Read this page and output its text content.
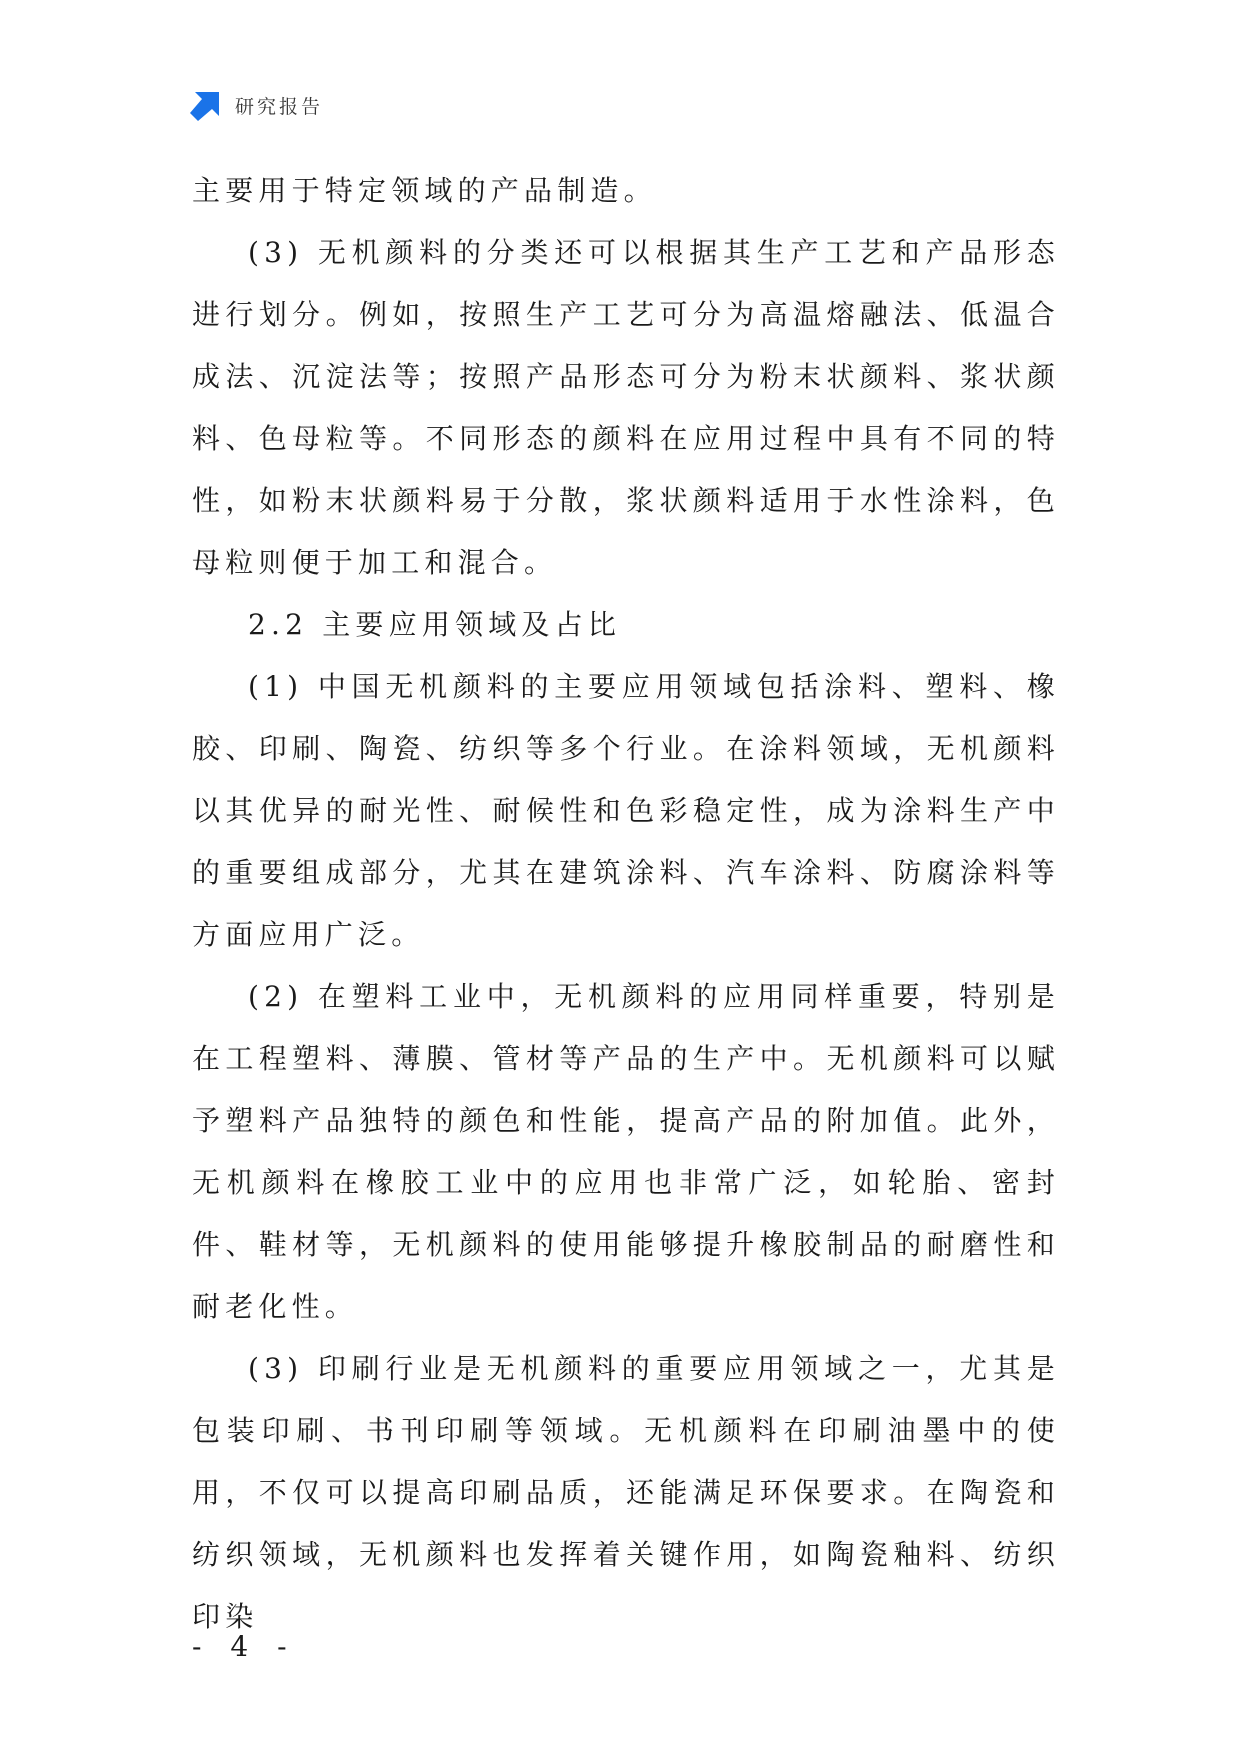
研究报告

主要用于特定领域的产品制造。

(3) 无机颜料的分类还可以根据其生产工艺和产品形态进行划分。例如，按照生产工艺可分为高温熔融法、低温合成法、沉淀法等；按照产品形态可分为粉末状颜料、浆状颜料、色母粒等。不同形态的颜料在应用过程中具有不同的特性，如粉末状颜料易于分散，浆状颜料适用于水性涂料，色母粒则便于加工和混合。

2.2 主要应用领域及占比

(1) 中国无机颜料的主要应用领域包括涂料、塑料、橡胶、印刷、陶瓷、纺织等多个行业。在涂料领域，无机颜料以其优异的耐光性、耐候性和色彩稳定性，成为涂料生产中的重要组成部分，尤其在建筑涂料、汽车涂料、防腐涂料等方面应用广泛。

(2) 在塑料工业中，无机颜料的应用同样重要，特别是在工程塑料、薄膜、管材等产品的生产中。无机颜料可以赋予塑料产品独特的颜色和性能，提高产品的附加值。此外，无机颜料在橡胶工业中的应用也非常广泛，如轮胎、密封件、鞋材等，无机颜料的使用能够提升橡胶制品的耐磨性和耐老化性。

(3) 印刷行业是无机颜料的重要应用领域之一，尤其是包装印刷、书刊印刷等领域。无机颜料在印刷油墨中的使用，不仅可以提高印刷品质，还能满足环保要求。在陶瓷和纺织领域，无机颜料也发挥着关键作用，如陶瓷釉料、纺织印染

- 4 -
